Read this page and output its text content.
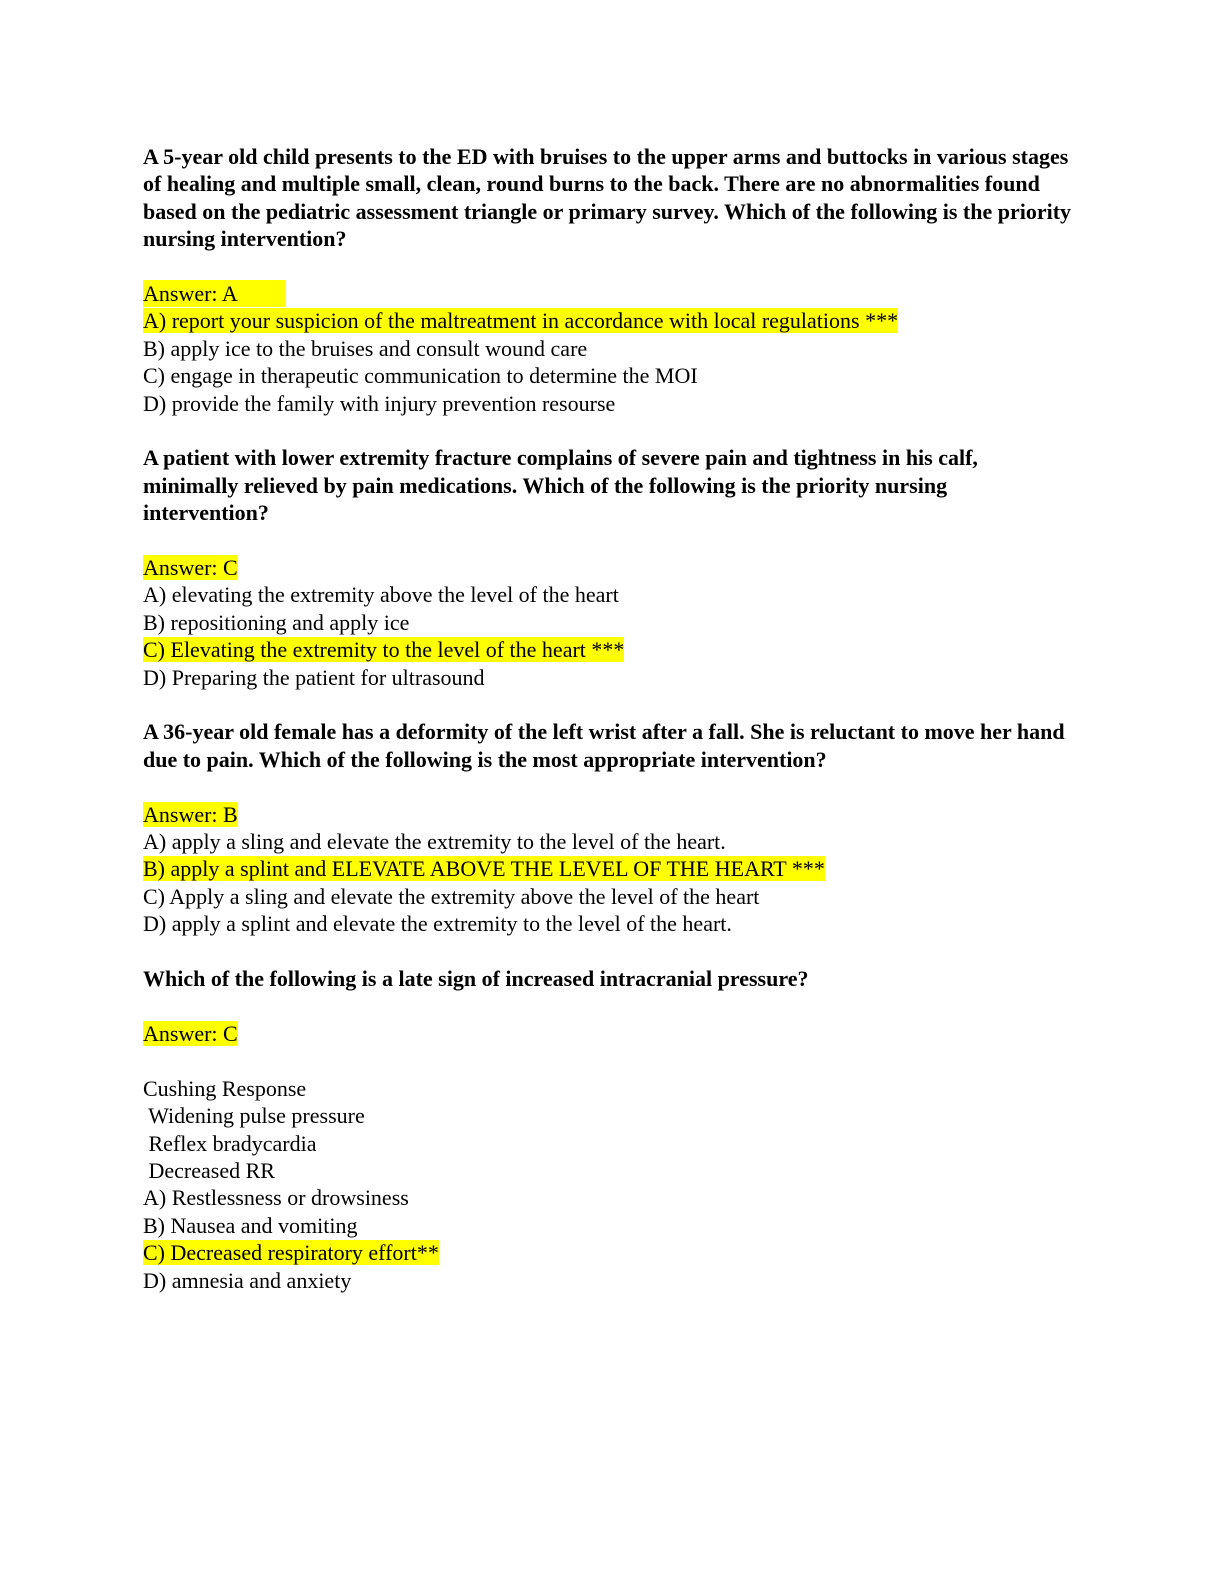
A 5-year old child presents to the ED with bruises to the upper arms and buttocks in various stages of healing and multiple small, clean, round burns to the back. There are no abnormalities found based on the pediatric assessment triangle or primary survey. Which of the following is the priority nursing intervention?

Answer: A

A) report your suspicion of the maltreatment in accordance with local regulations ***

B) apply ice to the bruises and consult wound care

C) engage in therapeutic communication to determine the MOI

D) provide the family with injury prevention resourse

A patient with lower extremity fracture complains of severe pain and tightness in his calf, minimally relieved by pain medications. Which of the following is the priority nursing intervention?

Answer: C

A) elevating the extremity above the level of the heart

B) repositioning and apply ice

C) Elevating the extremity to the level of the heart ***

D) Preparing the patient for ultrasound

A 36-year old female has a deformity of the left wrist after a fall. She is reluctant to move her hand due to pain. Which of the following is the most appropriate intervention?

Answer: B

A) apply a sling and elevate the extremity to the level of the heart.

B) apply a splint and ELEVATE ABOVE THE LEVEL OF THE HEART ***

C) Apply a sling and elevate the extremity above the level of the heart

D) apply a splint and elevate the extremity to the level of the heart.

Which of the following is a late sign of increased intracranial pressure?

Answer: C

Cushing Response

Widening pulse pressure

Reflex bradycardia

Decreased RR

A) Restlessness or drowsiness

B) Nausea and vomiting

C) Decreased respiratory effort**

D) amnesia and anxiety
